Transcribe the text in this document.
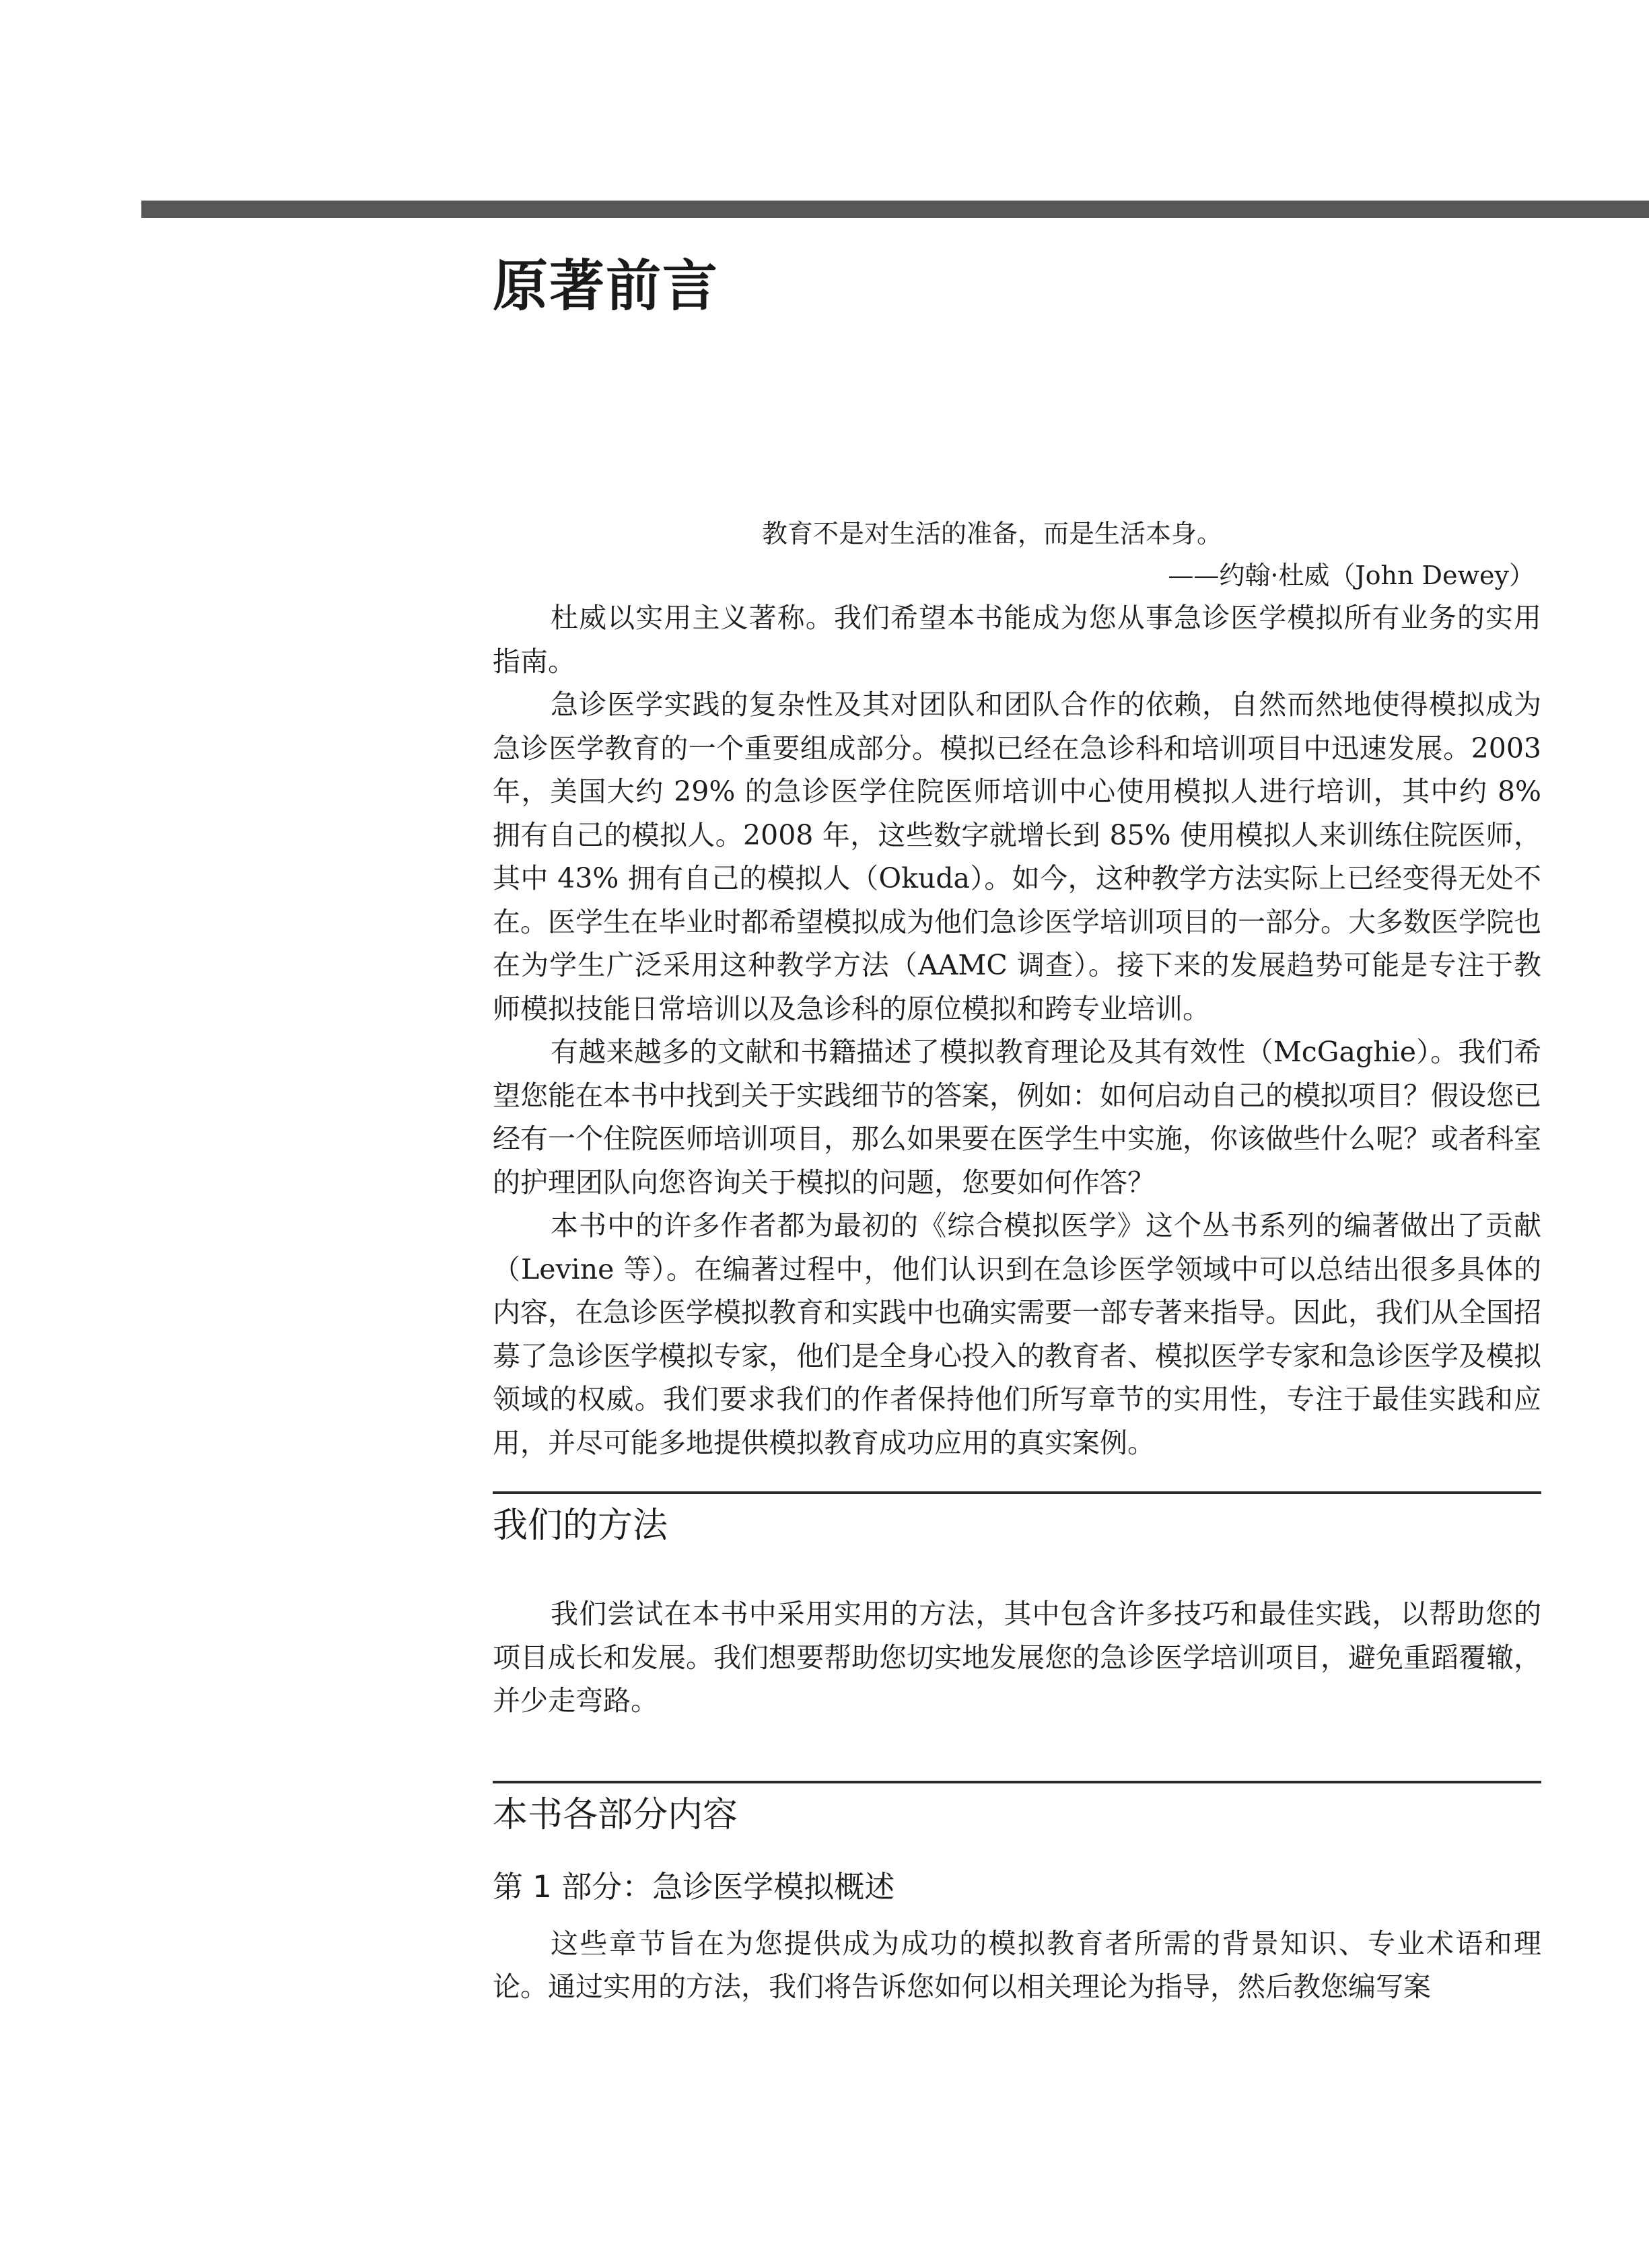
原著前言

教育不是对生活的准备，而是生活本身。

——约翰·杜威（John Dewey）

杜威以实用主义著称。我们希望本书能成为您从事急诊医学模拟所有业务的实用指南。

急诊医学实践的复杂性及其对团队和团队合作的依赖，自然而然地使得模拟成为急诊医学教育的一个重要组成部分。模拟已经在急诊科和培训项目中迅速发展。2003 年，美国大约 29% 的急诊医学住院医师培训中心使用模拟人进行培训，其中约 8% 拥有自己的模拟人。2008 年，这些数字就增长到 85% 使用模拟人来训练住院医师，其中 43% 拥有自己的模拟人（Okuda）。如今，这种教学方法实际上已经变得无处不在。医学生在毕业时都希望模拟成为他们急诊医学培训项目的一部分。大多数医学院也在为学生广泛采用这种教学方法（AAMC 调查）。接下来的发展趋势可能是专注于教师模拟技能日常培训以及急诊科的原位模拟和跨专业培训。

有越来越多的文献和书籍描述了模拟教育理论及其有效性（McGaghie）。我们希望您能在本书中找到关于实践细节的答案，例如：如何启动自己的模拟项目？假设您已经有一个住院医师培训项目，那么如果要在医学生中实施，你该做些什么呢？或者科室的护理团队向您咨询关于模拟的问题，您要如何作答？

本书中的许多作者都为最初的《综合模拟医学》这个丛书系列的编著做出了贡献（Levine 等）。在编著过程中，他们认识到在急诊医学领域中可以总结出很多具体的内容，在急诊医学模拟教育和实践中也确实需要一部专著来指导。因此，我们从全国招募了急诊医学模拟专家，他们是全身心投入的教育者、模拟医学专家和急诊医学及模拟领域的权威。我们要求我们的作者保持他们所写章节的实用性，专注于最佳实践和应用，并尽可能多地提供模拟教育成功应用的真实案例。

我们的方法

我们尝试在本书中采用实用的方法，其中包含许多技巧和最佳实践，以帮助您的项目成长和发展。我们想要帮助您切实地发展您的急诊医学培训项目，避免重蹈覆辙，并少走弯路。

本书各部分内容
第 1 部分：急诊医学模拟概述

这些章节旨在为您提供成为成功的模拟教育者所需的背景知识、专业术语和理论。通过实用的方法，我们将告诉您如何以相关理论为指导，然后教您编写案
